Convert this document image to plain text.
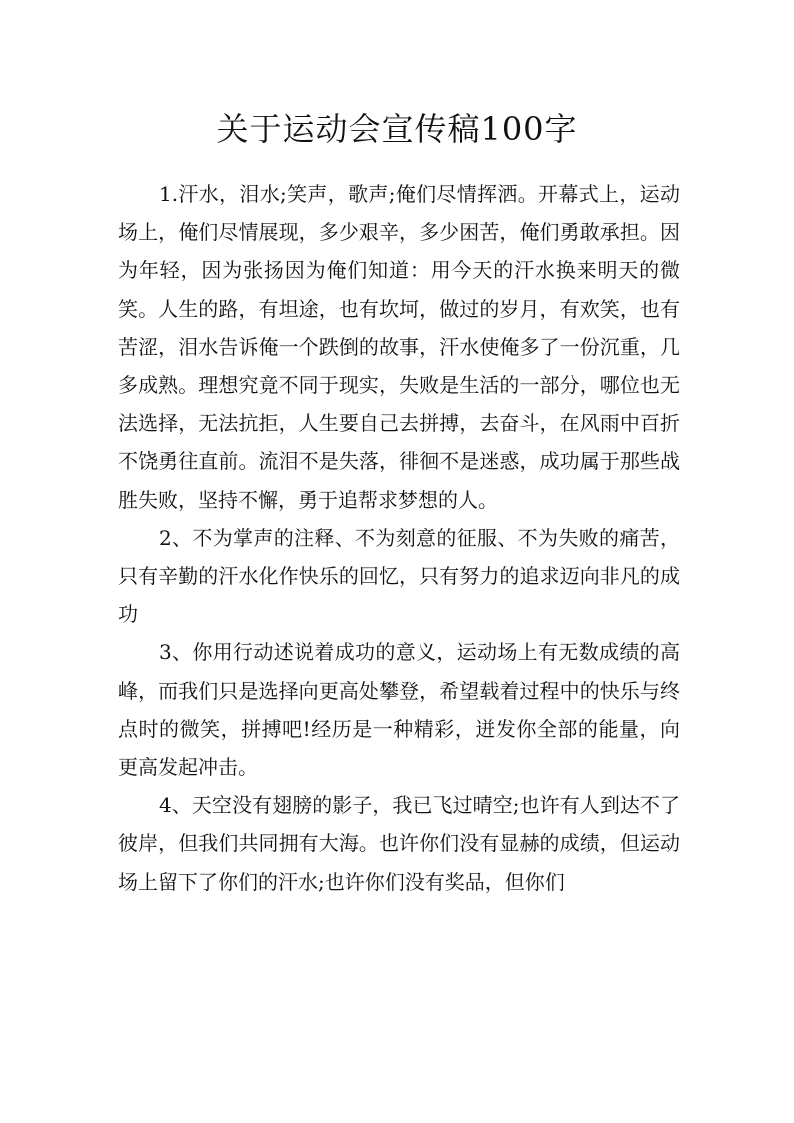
关于运动会宣传稿100字

1.汗水，泪水;笑声，歌声;俺们尽情挥洒。开幕式上，运动场上，俺们尽情展现，多少艰辛，多少困苦，俺们勇敢承担。因为年轻，因为张扬因为俺们知道：用今天的汗水换来明天的微笑。人生的路，有坦途，也有坎坷，做过的岁月，有欢笑，也有苦涩，泪水告诉俺一个跌倒的故事，汗水使俺多了一份沉重，几多成熟。理想究竟不同于现实，失败是生活的一部分，哪位也无法选择，无法抗拒，人生要自己去拼搏，去奋斗，在风雨中百折不饶勇往直前。流泪不是失落，徘徊不是迷惑，成功属于那些战胜失败，坚持不懈，勇于追帮求梦想的人。

2、不为掌声的注释、不为刻意的征服、不为失败的痛苦，只有辛勤的汗水化作快乐的回忆，只有努力的追求迈向非凡的成功

3、你用行动述说着成功的意义，运动场上有无数成绩的高峰，而我们只是选择向更高处攀登，希望载着过程中的快乐与终点时的微笑，拼搏吧!经历是一种精彩，迸发你全部的能量，向更高发起冲击。

4、天空没有翅膀的影子，我已飞过晴空;也许有人到达不了彼岸，但我们共同拥有大海。也许你们没有显赫的成绩，但运动场上留下了你们的汗水;也许你们没有奖品，但你们
